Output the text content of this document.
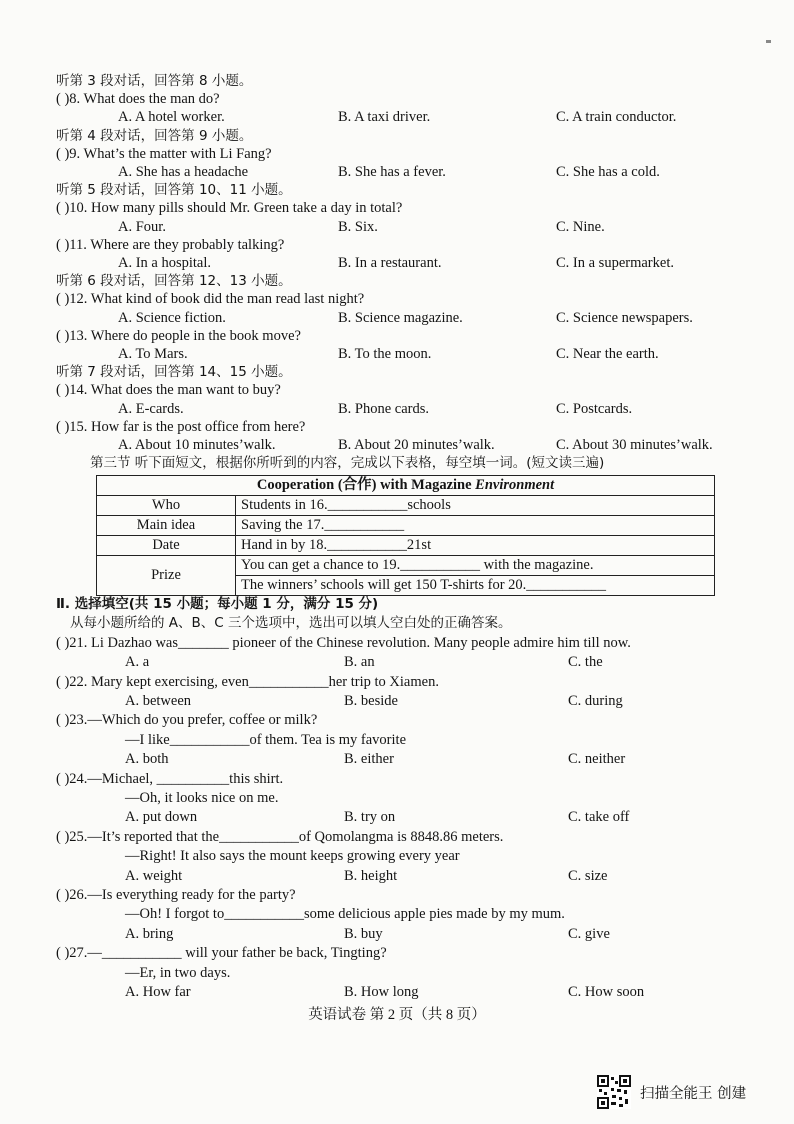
听第 3 段对话，回答第 8 小题。
( )8. What does the man do?
A. A hotel worker.	B. A taxi driver.	C. A train conductor.
听第 4 段对话，回答第 9 小题。
( )9. What’s the matter with Li Fang?
A. She has a headache	B. She has a fever.	C. She has a cold.
听第 5 段对话，回答第 10、11 小题。
( )10. How many pills should Mr. Green take a day in total?
A. Four.	B. Six.	C. Nine.
( )11. Where are they probably talking?
A. In a hospital.	B. In a restaurant.	C. In a supermarket.
听第 6 段对话，回答第 12、13 小题。
( )12. What kind of book did the man read last night?
A. Science fiction.	B. Science magazine.	C. Science newspapers.
( )13. Where do people in the book move?
A. To Mars.	B. To the moon.	C. Near the earth.
听第 7 段对话，回答第 14、15 小题。
( )14. What does the man want to buy?
A. E-cards.	B. Phone cards.	C. Postcards.
( )15. How far is the post office from here?
A. About 10 minutes’walk.	B. About 20 minutes’walk.	C. About 30 minutes’walk.
第三节 听下面短文，根据你所听到的内容，完成以下表格，每空填一词。(短文读三遍)
Cooperation (合作) with Magazine Environment	
Who	Students in 16.___________schools
Main idea	Saving the 17.___________
Date	Hand in by 18.___________21st
Prize	You can get a chance to 19.___________ with the magazine.
	The winners’ schools will get 150 T-shirts for 20.___________
Ⅱ. 选择填空(共 15 小题；每小题 1 分，满分 15 分)
从每小题所给的 A、B、C 三个选项中，选出可以填人空白处的正确答案。
( )21. Li Dazhao was_______ pioneer of the Chinese revolution. Many people admire him till now.
A. a	B. an	C. the
( )22. Mary kept exercising, even___________her trip to Xiamen.
A. between	B. beside	C. during
( )23.—Which do you prefer, coffee or milk?
—I like___________of them. Tea is my favorite
A. both	B. either	C. neither
( )24.—Michael, __________this shirt.
—Oh, it looks nice on me.
A. put down	B. try on	C. take off
( )25.—It’s reported that the___________of Qomolangma is 8848.86 meters.
—Right! It also says the mount keeps growing every year
A. weight	B. height	C. size
( )26.—Is everything ready for the party?
—Oh! I forgot to___________some delicious apple pies made by my mum.
A. bring	B. buy	C. give
( )27.—___________ will your father be back, Tingting?
—Er, in two days.
A. How far	B. How long	C. How soon
英语试卷 第 2 页（共 8 页）
扫描全能王 创建
